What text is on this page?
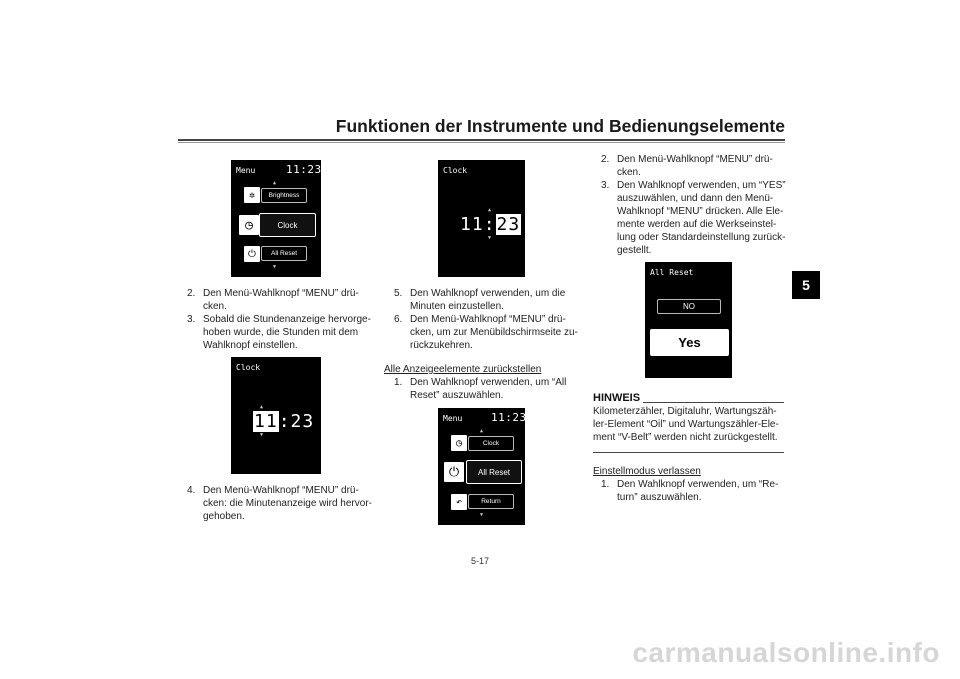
Funktionen der Instrumente und Bedienungselemente
5
Menu	11:23
▲
✲	Brightness
◷	Clock
⏻	All Reset
▼
2. Den Menü-Wahlknopf “MENU” drü-
cken.
3. Sobald die Stundenanzeige hervorge-
hoben wurde, die Stunden mit dem
Wahlknopf einstellen.
Clock
▲
11:23
▼
4. Den Menü-Wahlknopf “MENU” drü-
cken: die Minutenanzeige wird hervor-
gehoben.
Clock
▲
11:23
▼
5. Den Wahlknopf verwenden, um die
Minuten einzustellen.
6. Den Menü-Wahlknopf “MENU” drü-
cken, um zur Menübildschirmseite zu-
rückzukehren.
Alle Anzeigeelemente zurückstellen
1. Den Wahlknopf verwenden, um “All
Reset” auszuwählen.
Menu	11:23
▲
◷	Clock
⏻	All Reset
↶	Return
▼
2. Den Menü-Wahlknopf “MENU” drü-
cken.
3. Den Wahlknopf verwenden, um “YES”
auszuwählen, und dann den Menü-
Wahlknopf “MENU” drücken. Alle Ele-
mente werden auf die Werkseinstel-
lung oder Standardeinstellung zurück-
gestellt.
All Reset
NO
Yes
HINWEIS
Kilometerzähler, Digitaluhr, Wartungszäh-
ler-Element “Oil” und Wartungszähler-Ele-
ment “V-Belt” werden nicht zurückgestellt.
Einstellmodus verlassen
1. Den Wahlknopf verwenden, um “Re-
turn” auszuwählen.
5-17
carmanualsonline.info
